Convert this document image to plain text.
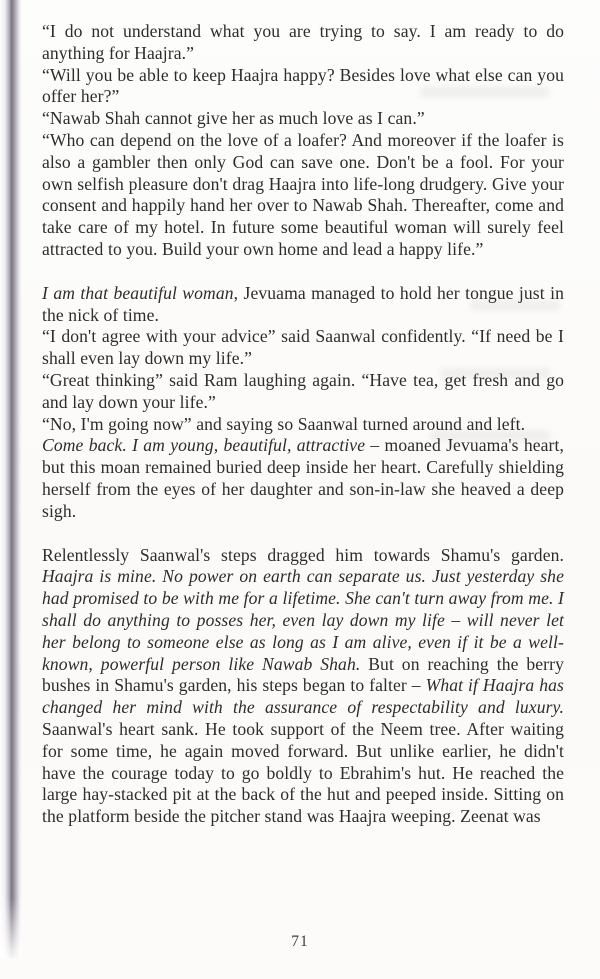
“I do not understand what you are trying to say. I am ready to do anything for Haajra.”

“Will you be able to keep Haajra happy? Besides love what else can you offer her?”

“Nawab Shah cannot give her as much love as I can.”

“Who can depend on the love of a loafer? And moreover if the loafer is also a gambler then only God can save one. Don't be a fool. For your own selfish pleasure don't drag Haajra into life-long drudgery. Give your consent and happily hand her over to Nawab Shah. Thereafter, come and take care of my hotel. In future some beautiful woman will surely feel attracted to you. Build your own home and lead a happy life.”

I am that beautiful woman, Jevuama managed to hold her tongue just in the nick of time.

“I don't agree with your advice” said Saanwal confidently. “If need be I shall even lay down my life.”

“Great thinking” said Ram laughing again. “Have tea, get fresh and go and lay down your life.”

“No, I'm going now” and saying so Saanwal turned around and left.

Come back. I am young, beautiful, attractive – moaned Jevuama's heart, but this moan remained buried deep inside her heart. Carefully shielding herself from the eyes of her daughter and son-in-law she heaved a deep sigh.

Relentlessly Saanwal's steps dragged him towards Shamu's garden. Haajra is mine. No power on earth can separate us. Just yesterday she had promised to be with me for a lifetime. She can't turn away from me. I shall do anything to posses her, even lay down my life – will never let her belong to someone else as long as I am alive, even if it be a well-known, powerful person like Nawab Shah. But on reaching the berry bushes in Shamu's garden, his steps began to falter – What if Haajra has changed her mind with the assurance of respectability and luxury. Saanwal's heart sank. He took support of the Neem tree. After waiting for some time, he again moved forward. But unlike earlier, he didn't have the courage today to go boldly to Ebrahim's hut. He reached the large hay-stacked pit at the back of the hut and peeped inside. Sitting on the platform beside the pitcher stand was Haajra weeping. Zeenat was

71
